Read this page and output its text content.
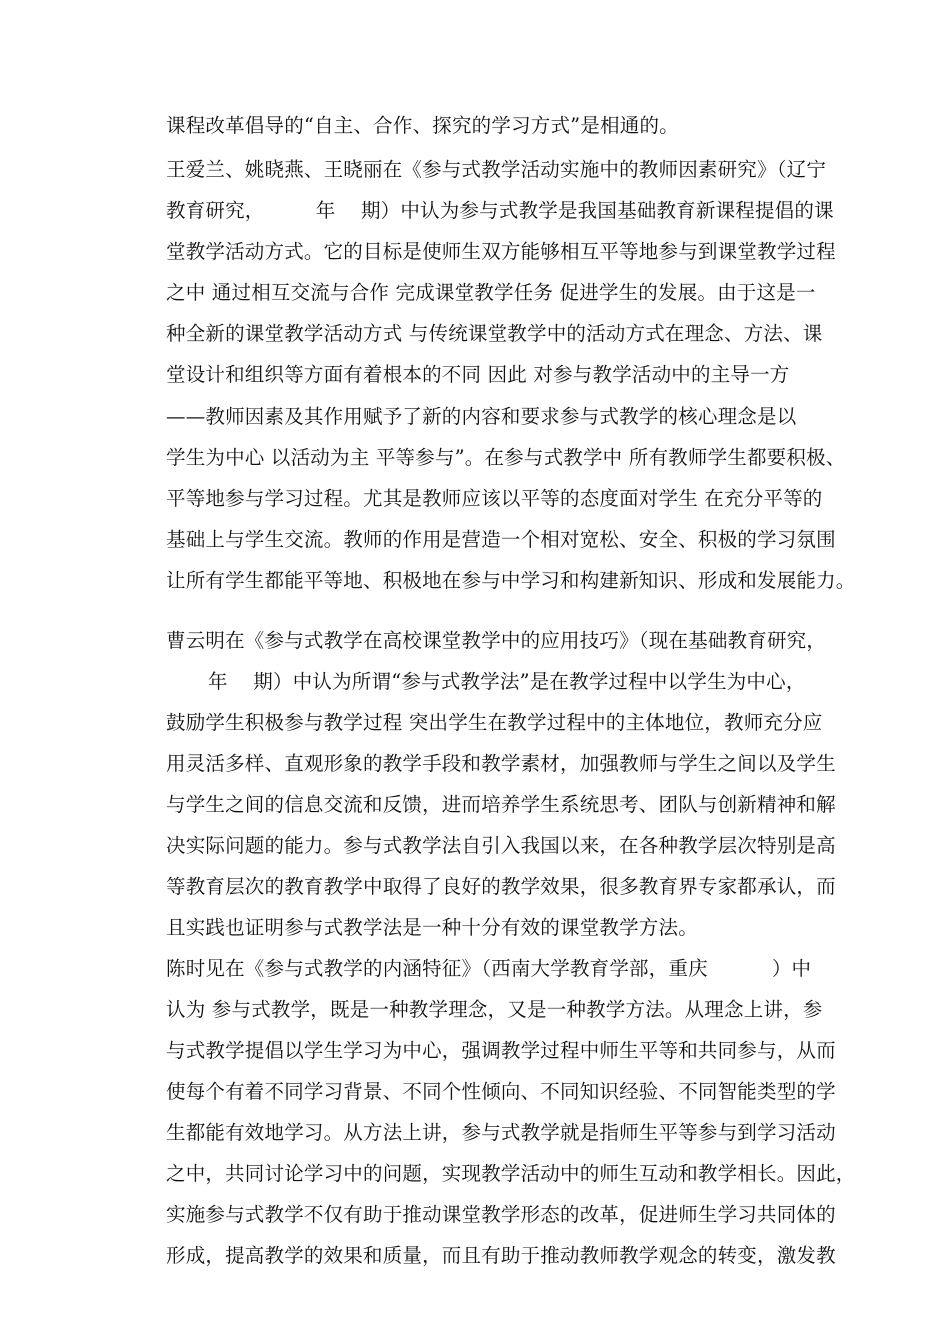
课程改革倡导的“自主、合作、探究的学习方式”是相通的。
王爱兰、姚晓燕、王晓丽在《参与式教学活动实施中的教师因素研究》（辽宁
教育研究，        年    期）中认为参与式教学是我国基础教育新课程提倡的课
堂教学活动方式。它的目标是使师生双方能够相互平等地参与到课堂教学过程
之中 通过相互交流与合作 完成课堂教学任务 促进学生的发展。由于这是一
种全新的课堂教学活动方式 与传统课堂教学中的活动方式在理念、方法、课
堂设计和组织等方面有着根本的不同 因此 对参与教学活动中的主导一方
——教师因素及其作用赋予了新的内容和要求参与式教学的核心理念是以
学生为中心 以活动为主 平等参与”。在参与式教学中 所有教师学生都要积极、
平等地参与学习过程。尤其是教师应该以平等的态度面对学生 在充分平等的
基础上与学生交流。教师的作用是营造一个相对宽松、安全、积极的学习氛围
让所有学生都能平等地、积极地在参与中学习和构建新知识、形成和发展能力。
曹云明在《参与式教学在高校课堂教学中的应用技巧》（现在基础教育研究，
年    期）中认为所谓“参与式教学法”是在教学过程中以学生为中心，
鼓励学生积极参与教学过程 突出学生在教学过程中的主体地位，教师充分应
用灵活多样、直观形象的教学手段和教学素材，加强教师与学生之间以及学生
与学生之间的信息交流和反馈，进而培养学生系统思考、团队与创新精神和解
决实际问题的能力。参与式教学法自引入我国以来，在各种教学层次特别是高
等教育层次的教育教学中取得了良好的教学效果，很多教育界专家都承认，而
且实践也证明参与式教学法是一种十分有效的课堂教学方法。
陈时见在《参与式教学的内涵特征》（西南大学教育学部，重庆          ）中
认为 参与式教学，既是一种教学理念，又是一种教学方法。从理念上讲，参
与式教学提倡以学生学习为中心，强调教学过程中师生平等和共同参与，从而
使每个有着不同学习背景、不同个性倾向、不同知识经验、不同智能类型的学
生都能有效地学习。从方法上讲，参与式教学就是指师生平等参与到学习活动
之中，共同讨论学习中的问题，实现教学活动中的师生互动和教学相长。因此，
实施参与式教学不仅有助于推动课堂教学形态的改革，促进师生学习共同体的
形成，提高教学的效果和质量，而且有助于推动教师教学观念的转变，激发教
